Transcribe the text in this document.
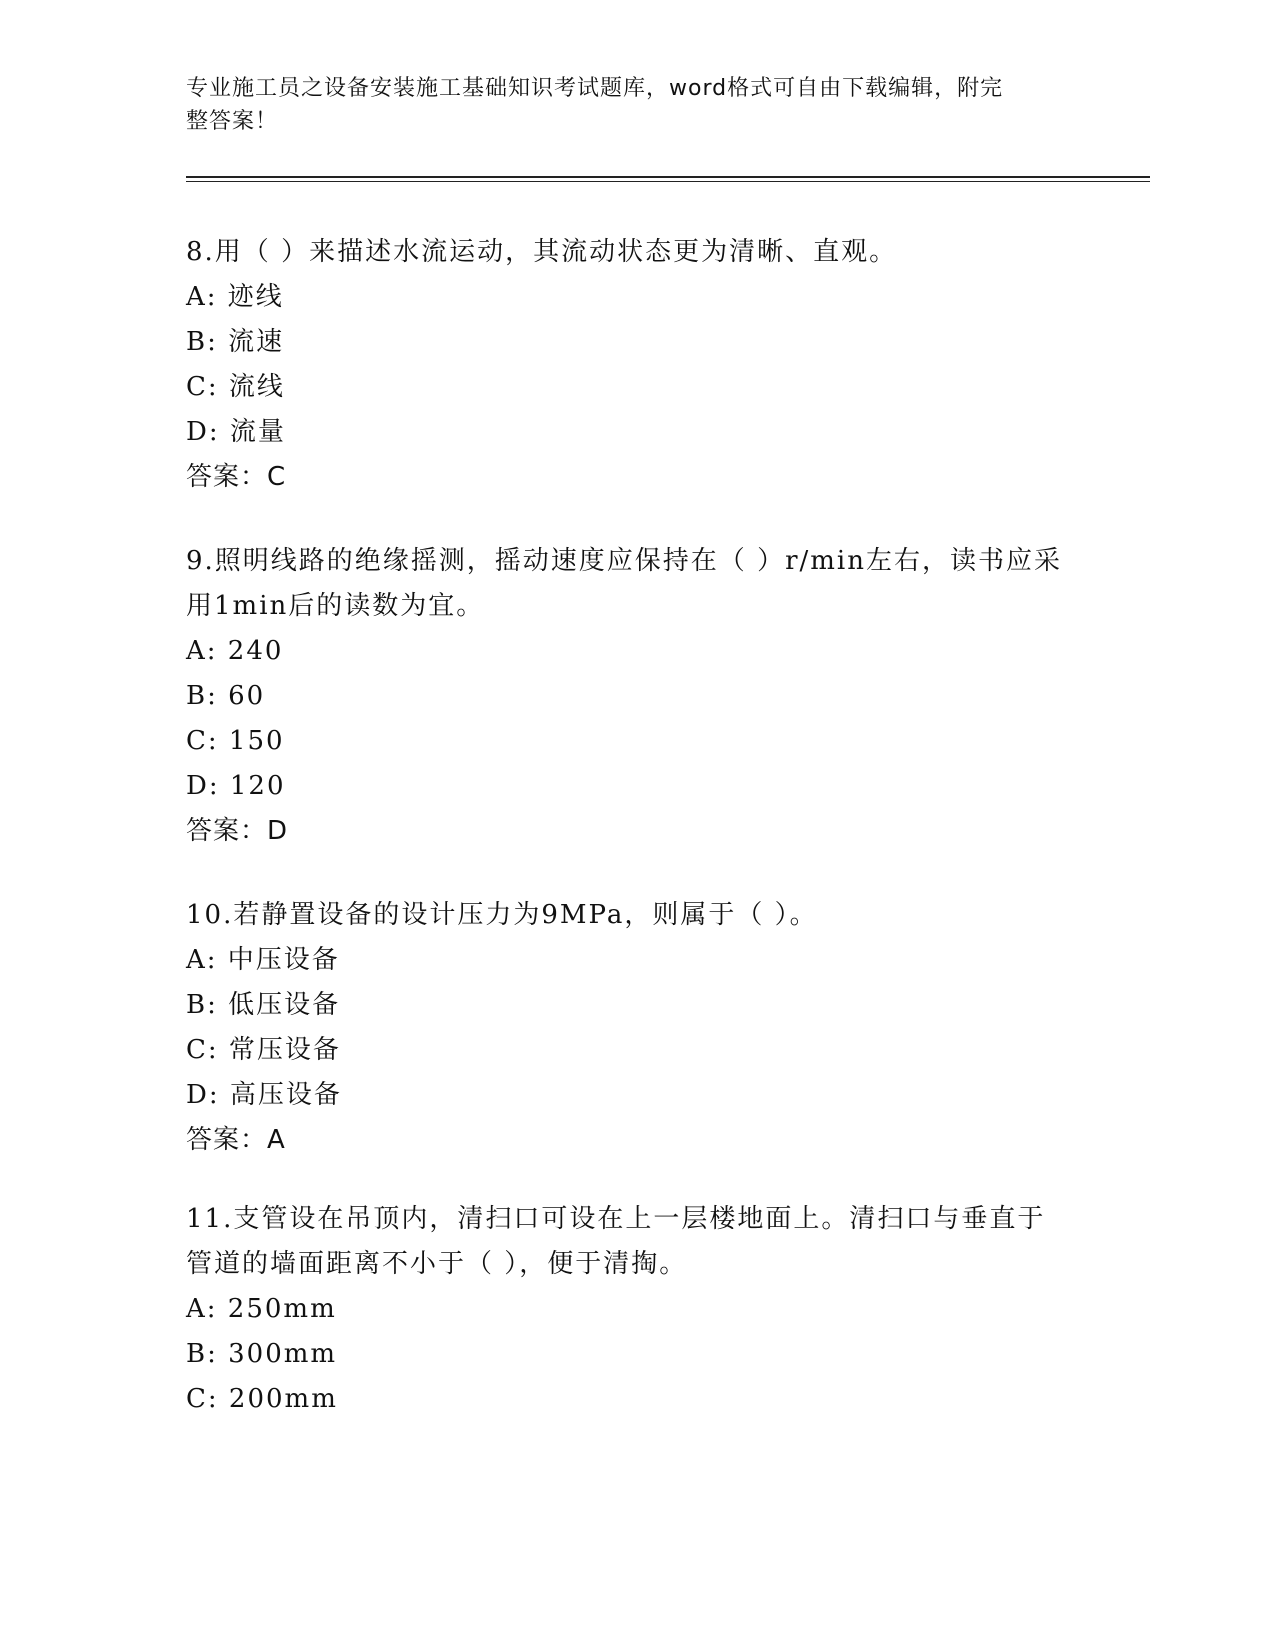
专业施工员之设备安装施工基础知识考试题库，word格式可自由下载编辑，附完
整答案！
8.用（ ）来描述水流运动，其流动状态更为清晰、直观。
A: 迹线
B: 流速
C: 流线
D: 流量
答案：C
9.照明线路的绝缘摇测，摇动速度应保持在（ ）r/min左右，读书应采用1min后的读数为宜。
A: 240
B: 60
C: 150
D: 120
答案：D
10.若静置设备的设计压力为9MPa，则属于（ ）。
A: 中压设备
B: 低压设备
C: 常压设备
D: 高压设备
答案：A
11.支管设在吊顶内，清扫口可设在上一层楼地面上。清扫口与垂直于管道的墙面距离不小于（ ），便于清掏。
A: 250mm
B: 300mm
C: 200mm
